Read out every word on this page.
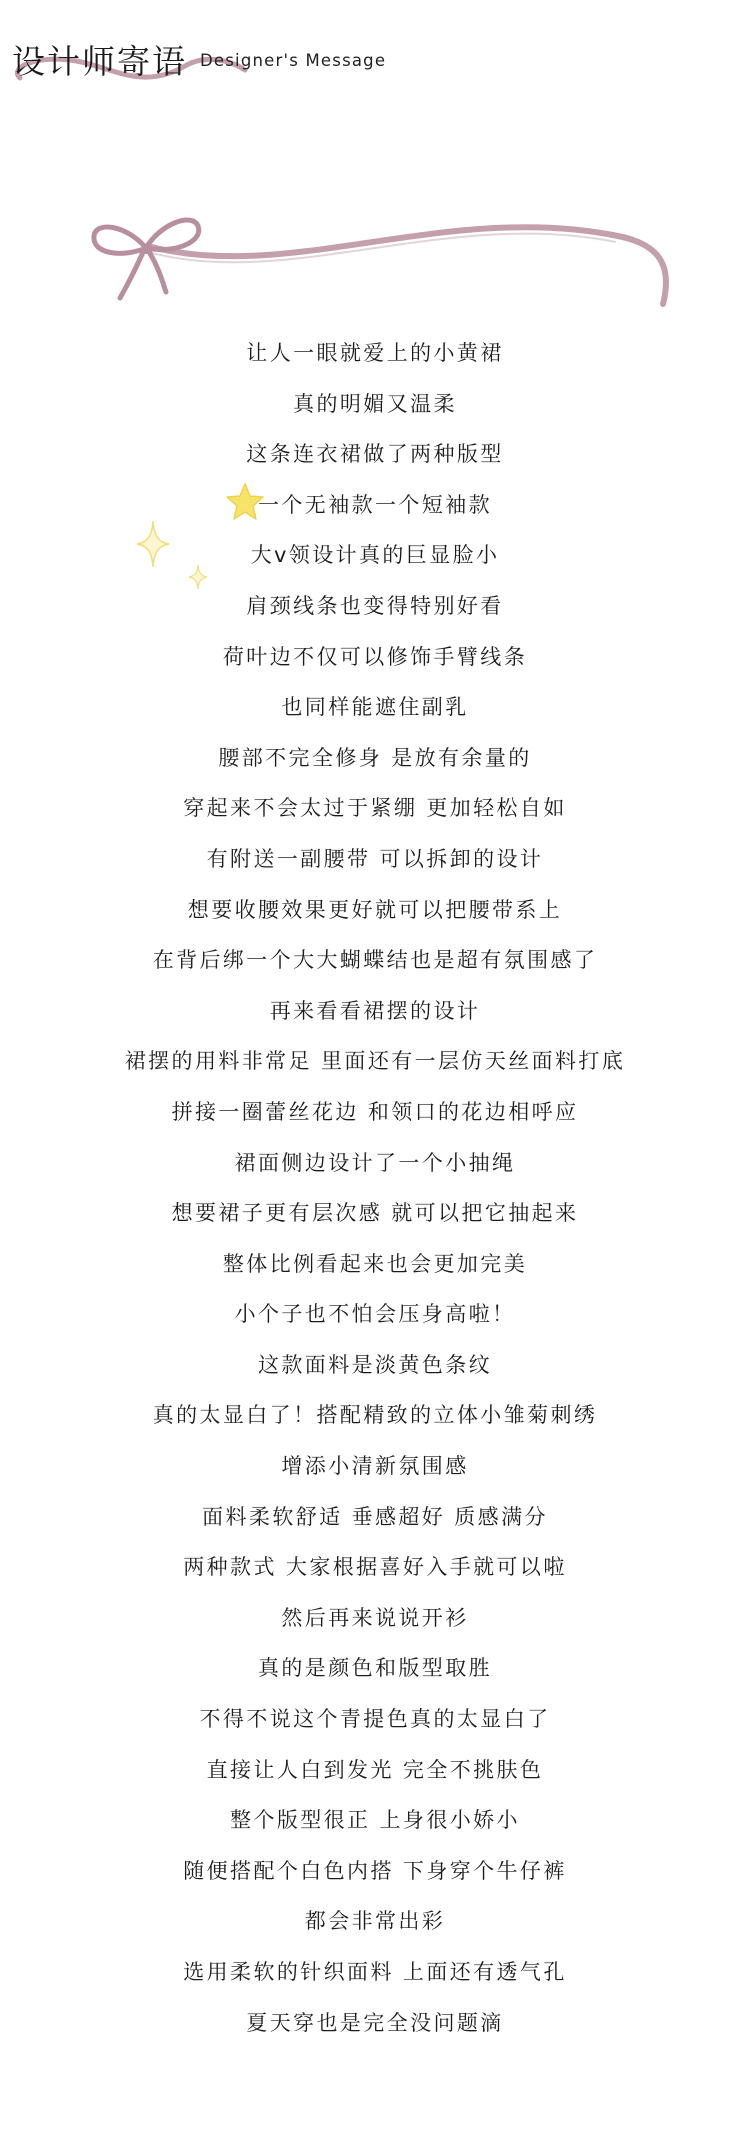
设计师寄语 Designer's Message
让人一眼就爱上的小黄裙
真的明媚又温柔
这条连衣裙做了两种版型
一个无袖款一个短袖款
大v领设计真的巨显脸小
肩颈线条也变得特别好看
荷叶边不仅可以修饰手臂线条
也同样能遮住副乳
腰部不完全修身 是放有余量的
穿起来不会太过于紧绷 更加轻松自如
有附送一副腰带 可以拆卸的设计
想要收腰效果更好就可以把腰带系上
在背后绑一个大大蝴蝶结也是超有氛围感了
再来看看裙摆的设计
裙摆的用料非常足 里面还有一层仿天丝面料打底
拼接一圈蕾丝花边 和领口的花边相呼应
裙面侧边设计了一个小抽绳
想要裙子更有层次感 就可以把它抽起来
整体比例看起来也会更加完美
小个子也不怕会压身高啦！
这款面料是淡黄色条纹
真的太显白了！搭配精致的立体小雏菊刺绣
增添小清新氛围感
面料柔软舒适 垂感超好 质感满分
两种款式 大家根据喜好入手就可以啦
然后再来说说开衫
真的是颜色和版型取胜
不得不说这个青提色真的太显白了
直接让人白到发光 完全不挑肤色
整个版型很正 上身很小娇小
随便搭配个白色内搭 下身穿个牛仔裤
都会非常出彩
选用柔软的针织面料 上面还有透气孔
夏天穿也是完全没问题滴
